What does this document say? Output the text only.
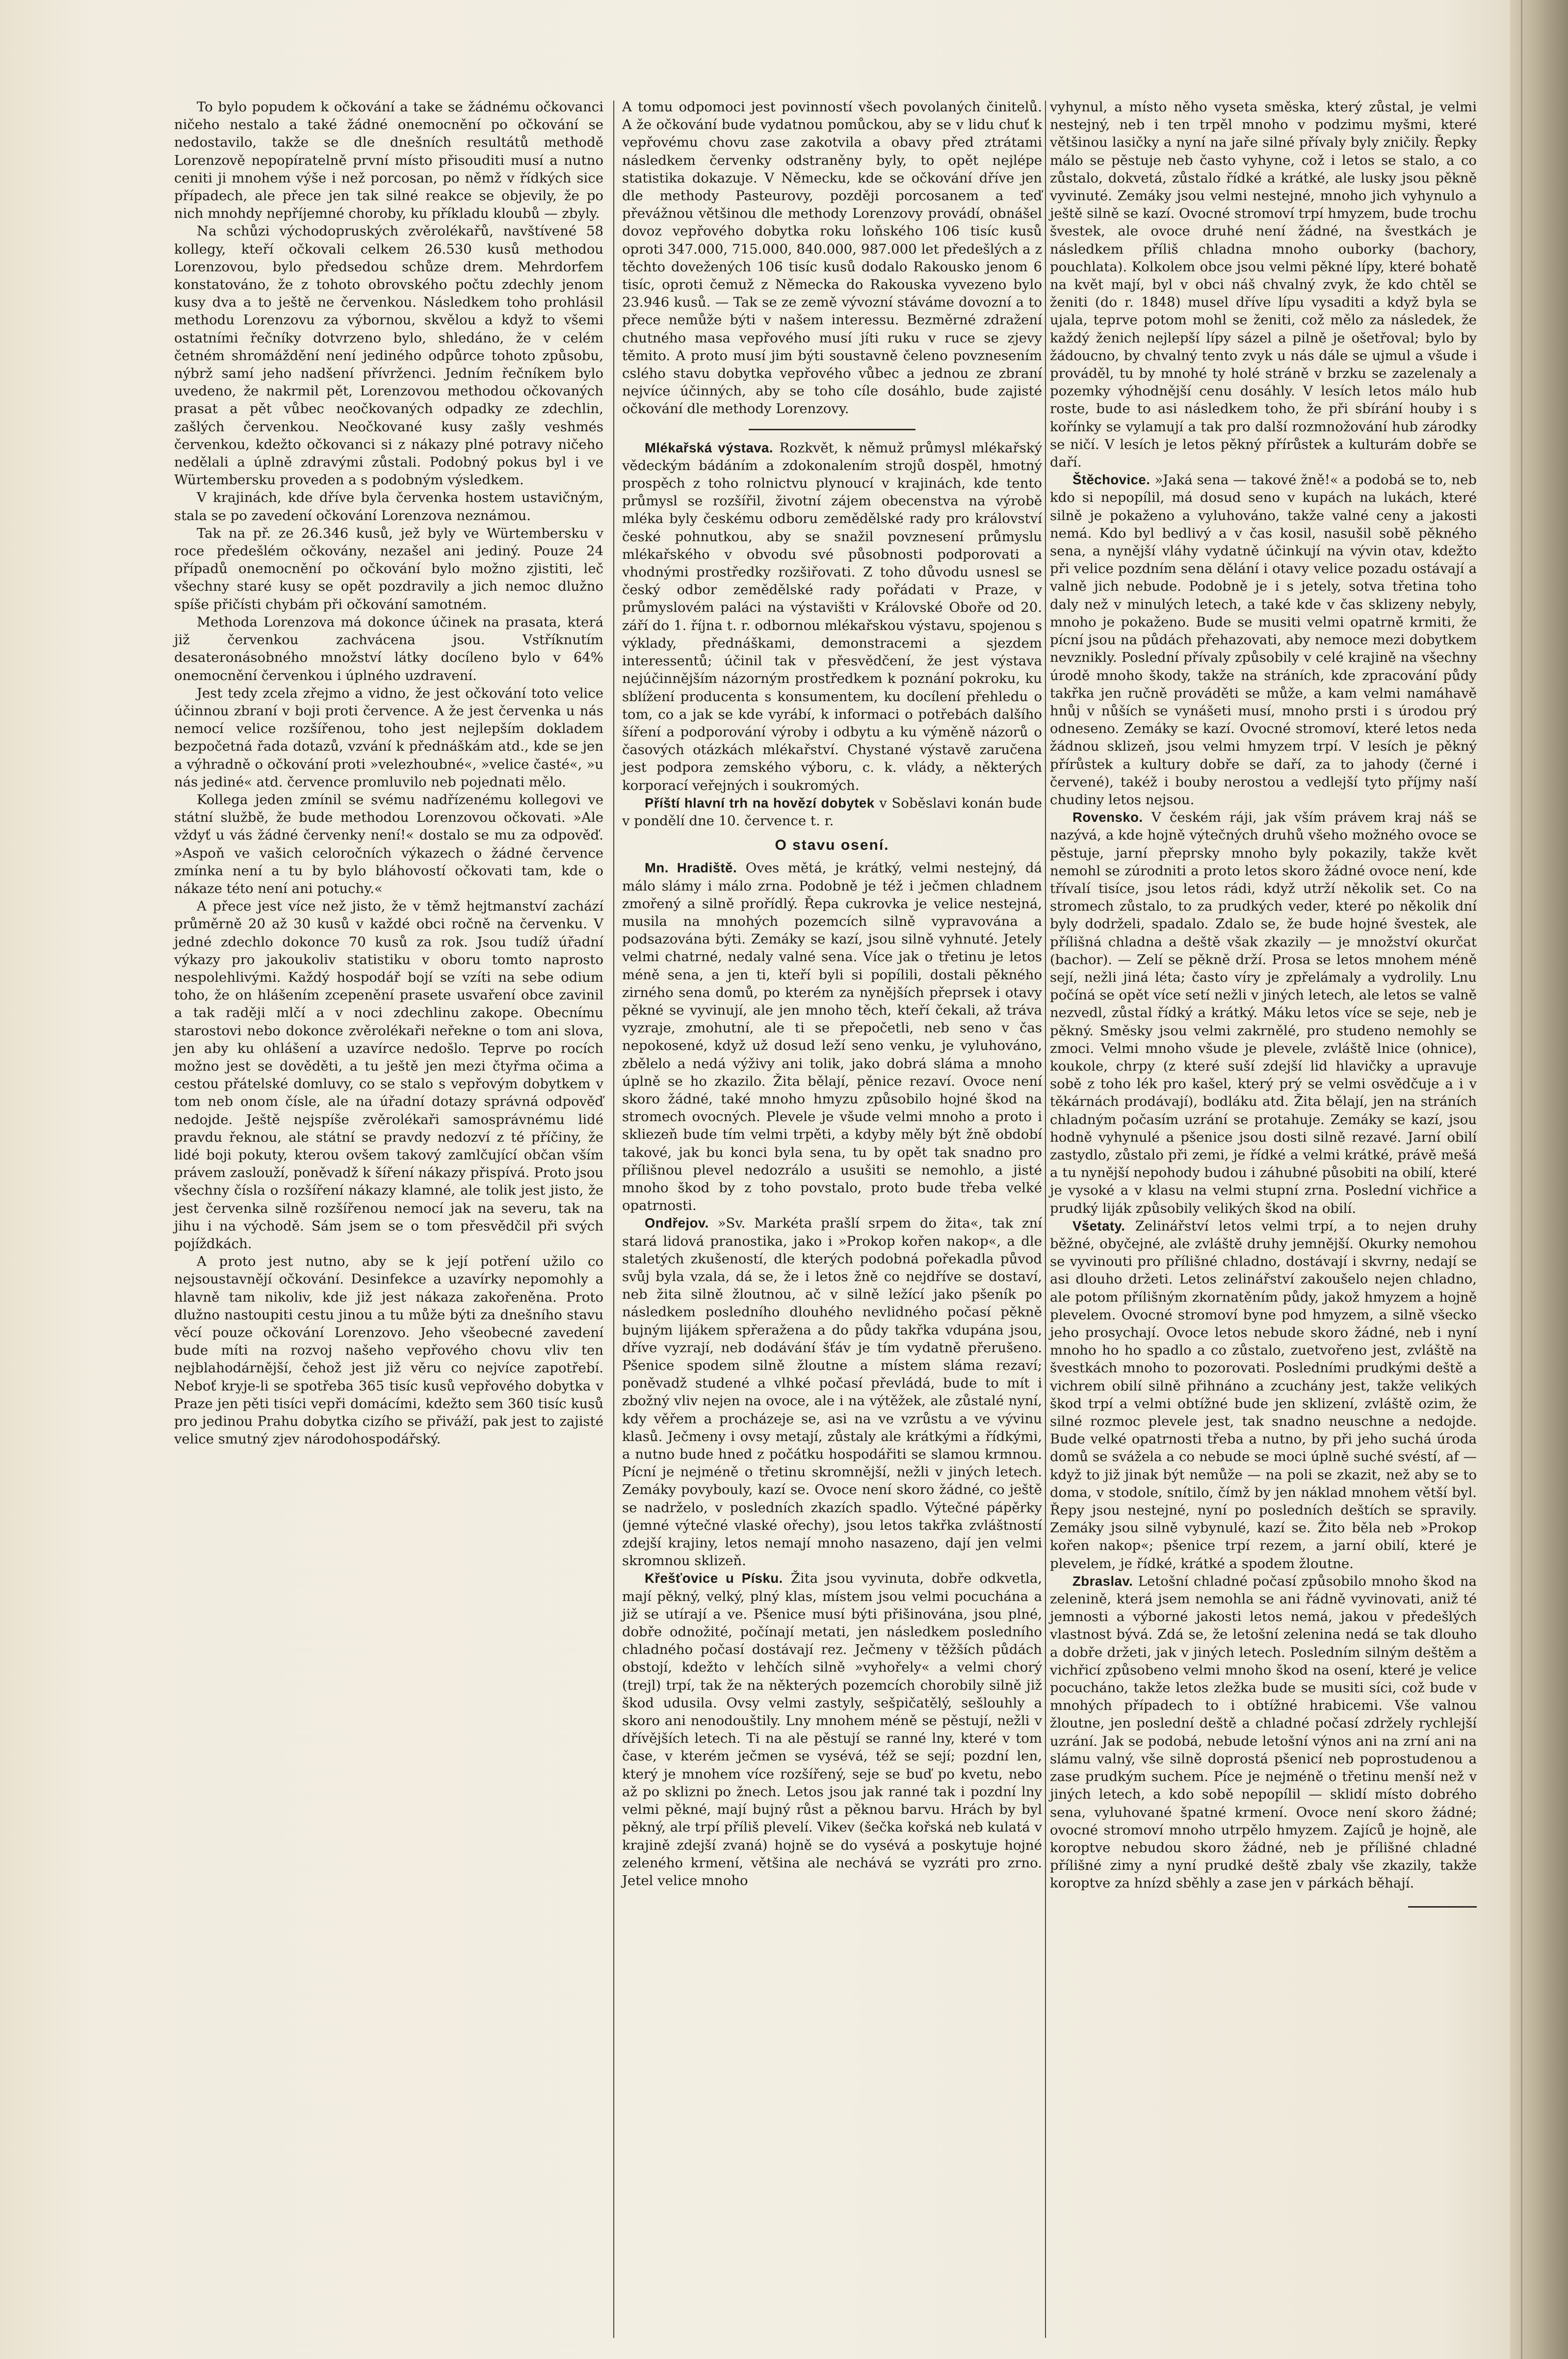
To bylo popudem k očkování a take se žádnému očkovanci ničeho nestalo a také žádné onemocnění po očkování se nedostavilo, takže se dle dnešních resultátů methodě Lorenzově nepopíratelně první místo přisouditi musí a nutno ceniti ji mnohem výše i než porcosan, po němž v řídkých sice případech, ale přece jen tak silné reakce se objevily, že po nich mnohdy nepříjemné choroby, ku příkladu kloubů — zbyly.

Na schůzi východopruských zvěrolékařů, navštívené 58 kollegy, kteří očkovali celkem 26.530 kusů methodou Lorenzovou, bylo předsedou schůze drem. Mehrdorfem konstatováno, že z tohoto obrovského počtu zdechly jenom kusy dva a to ještě ne červenkou. Následkem toho prohlásil methodu Lorenzovu za výbornou, skvělou a když to všemi ostatními řečníky dotvrzeno bylo, shledáno, že v celém četném shromáždění není jediného odpůrce tohoto způsobu, nýbrž samí jeho nadšení přívrženci. Jedním řečníkem bylo uvedeno, že nakrmil pět, Lorenzovou methodou očkovaných prasat a pět vůbec neočkovaných odpadky ze zdechlin, zašlých červenkou. Neočkované kusy zašly veshmés červenkou, kdežto očkovanci si z nákazy plné potravy ničeho nedělali a úplně zdravými zůstali. Podobný pokus byl i ve Würtembersku proveden a s podobným výsledkem.

V krajinách, kde dříve byla červenka hostem ustavičným, stala se po zavedení očkování Lorenzova neznámou.

Tak na př. ze 26.346 kusů, jež byly ve Würtembersku v roce předešlém očkovány, nezašel ani jediný. Pouze 24 případů onemocnění po očkování bylo možno zjistiti, leč všechny staré kusy se opět pozdravily a jich nemoc dlužno spíše přičísti chybám při očkování samotném.

Methoda Lorenzova má dokonce účinek na prasata, která již červenkou zachvácena jsou. Vstříknutím desateronásobného množství látky docíleno bylo v 64% onemocnění červenkou i úplného uzdravení.

Jest tedy zcela zřejmo a vidno, že jest očkování toto velice účinnou zbraní v boji proti července. A že jest červenka u nás nemocí velice rozšířenou, toho jest nejlepším dokladem bezpočetná řada dotazů, vzvání k přednáškám atd., kde se jen a výhradně o očkování proti »velezhoubné«, »velice časté«, »u nás jediné« atd. července promluvilo neb pojednati mělo.

Kollega jeden zmínil se svému nadřízenému kollegovi ve státní službě, že bude methodou Lorenzovou očkovati. »Ale vždyť u vás žádné červenky není!« dostalo se mu za odpověď. »Aspoň ve vašich celoročních výkazech o žádné července zmínka není a tu by bylo bláhovostí očkovati tam, kde o nákaze této není ani potuchy.«

A přece jest více než jisto, že v těmž hejtmanství zachází průměrně 20 až 30 kusů v každé obci ročně na červenku. V jedné zdechlo dokonce 70 kusů za rok. Jsou tudíž úřadní výkazy pro jakoukoliv statistiku v oboru tomto naprosto nespolehlivými. Každý hospodář bojí se vzíti na sebe odium toho, že on hlášením zcepenění prasete usvaření obce zavinil a tak raději mlčí a v noci zdechlinu zakope. Obecnímu starostovi nebo dokonce zvěrolékaři neřekne o tom ani slova, jen aby ku ohlášení a uzavírce nedošlo. Teprve po rocích možno jest se dověděti, a tu ještě jen mezi čtyřma očima a cestou přátelské domluvy, co se stalo s vepřovým dobytkem v tom neb onom čísle, ale na úřadní dotazy správná odpověď nedojde. Ještě nejspíše zvěrolékaři samosprávnému lidé pravdu řeknou, ale státní se pravdy nedozví z té příčiny, že lidé boji pokuty, kterou ovšem takový zamlčující občan vším právem zaslouží, poněvadž k šíření nákazy přispívá. Proto jsou všechny čísla o rozšíření nákazy klamné, ale tolik jest jisto, že jest červenka silně rozšířenou nemocí jak na severu, tak na jihu i na východě. Sám jsem se o tom přesvědčil při svých pojíždkách.

A proto jest nutno, aby se k její potření užilo co nejsoustavnějí očkování. Desinfekce a uzavírky nepomohly a hlavně tam nikoliv, kde již jest nákaza zakořeněna. Proto dlužno nastoupiti cestu jinou a tu může býti za dnešního stavu věcí pouze očkování Lorenzovo. Jeho všeobecné zavedení bude míti na rozvoj našeho vepřového chovu vliv ten nejblahodárnější, čehož jest již věru co nejvíce zapotřebí. Neboť kryje-li se spotřeba 365 tisíc kusů vepřového dobytka v Praze jen pěti tisíci vepři domácími, kdežto sem 360 tisíc kusů pro jedinou Prahu dobytka cizího se přiváží, pak jest to zajisté velice smutný zjev národohospodářský.

A tomu odpomoci jest povinností všech povolaných činitelů. A že očkování bude vydatnou pomůckou, aby se v lidu chuť k vepřovému chovu zase zakotvila a obavy před ztrátami následkem červenky odstraněny byly, to opět nejlépe statistika dokazuje. V Německu, kde se očkování dříve jen dle methody Pasteurovy, později porcosanem a teď převážnou většinou dle methody Lorenzovy provádí, obnášel dovoz vepřového dobytka roku loňského 106 tisíc kusů oproti 347.000, 715.000, 840.000, 987.000 let předešlých a z těchto dovežených 106 tisíc kusů dodalo Rakousko jenom 6 tisíc, oproti čemuž z Německa do Rakouska vyvezeno bylo 23.946 kusů. — Tak se ze země vývozní stáváme dovozní a to přece nemůže býti v našem interessu. Bezměrné zdražení chutného masa vepřového musí jíti ruku v ruce se zjevy těmito. A proto musí jim býti soustavně čeleno povznesením cslého stavu dobytka vepřového vůbec a jednou ze zbraní nejvíce účinných, aby se toho cíle dosáhlo, bude zajisté očkování dle methody Lorenzovy.

Mlékařská výstava. Rozkvět, k němuž průmysl mlékařský vědeckým bádáním a zdokonalením strojů dospěl, hmotný prospěch z toho rolnictvu plynoucí v krajinách, kde tento průmysl se rozšířil, životní zájem obecenstva na výrobě mléka byly českému odboru zemědělské rady pro království české pohnutkou, aby se snažil povznesení průmyslu mlékařského v obvodu své působnosti podporovati a vhodnými prostředky rozšiřovati. Z toho důvodu usnesl se český odbor zemědělské rady pořádati v Praze, v průmyslovém paláci na výstavišti v Královské Oboře od 20. září do 1. října t. r. odbornou mlékařskou výstavu, spojenou s výklady, přednáškami, demonstracemi a sjezdem interessentů; účinil tak v přesvědčení, že jest výstava nejúčinnějším názorným prostředkem k poznání pokroku, ku sblížení producenta s konsumentem, ku docílení přehledu o tom, co a jak se kde vyrábí, k informaci o potřebách dalšího šíření a podporování výroby i odbytu a ku výměně názorů o časových otázkách mlékařství. Chystané výstavě zaručena jest podpora zemského výboru, c. k. vlády, a některých korporací veřejných i soukromých.

Příští hlavní trh na hovězí dobytek v Soběslavi konán bude v pondělí dne 10. července t. r.

O stavu osení.

Mn. Hradiště. Oves mětá, je krátký, velmi nestejný, dá málo slámy i málo zrna. Podobně je též i ječmen chladnem zmořený a silně prořídlý. Řepa cukrovka je velice nestejná, musila na mnohých pozemcích silně vypravována a podsazována býti. Zemáky se kazí, jsou silně vyhnuté. Jetely velmi chatrné, nedaly valné sena. Více jak o třetinu je letos méně sena, a jen ti, kteří byli si popílili, dostali pěkného zirného sena domů, po kterém za nynějších přeprsek i otavy pěkné se vyvinují, ale jen mnoho těch, kteří čekali, až tráva vyzraje, zmohutní, ale ti se přepočetli, neb seno v čas nepokosené, když už dosud leží seno venku, je vyluhováno, zbělelo a nedá výživy ani tolik, jako dobrá sláma a mnoho úplně se ho zkazilo. Žita bělají, pěnice rezaví. Ovoce není skoro žádné, také mnoho hmyzu způsobilo hojné škod na stromech ovocných. Plevele je všude velmi mnoho a proto i skliezeň bude tím velmi trpěti, a kdyby měly být žně období takové, jak bu konci byla sena, tu by opět tak snadno pro přílišnou plevel nedozrálo a usušiti se nemohlo, a jisté mnoho škod by z toho povstalo, proto bude třeba velké opatrnosti.

Ondřejov. »Sv. Markéta prašlí srpem do žita«, tak zní stará lidová pranostika, jako i »Prokop kořen nakop«, a dle staletých zkušeností, dle kterých podobná pořekadla původ svůj byla vzala, dá se, že i letos žně co nejdříve se dostaví, neb žita silně žloutnou, ač v silně ležící jako pšeník po následkem posledního dlouhého nevlidného počasí pěkně bujným lijákem spřeražena a do půdy takřka vdupána jsou, dříve vyzrají, neb dodávání šťáv je tím vydatně přerušeno. Pšenice spodem silně žloutne a místem sláma rezaví; poněvadž studené a vlhké počasí převládá, bude to mít i zbožný vliv nejen na ovoce, ale i na výtěžek, ale zůstalé nyní, kdy věřem a procházeje se, asi na ve vzrůstu a ve vývinu klasů. Ječmeny i ovsy metají, zůstaly ale krátkými a řídkými, a nutno bude hned z počátku hospodářiti se slamou krmnou. Pícní je nejméně o třetinu skromnější, nežli v jiných letech. Zemáky povybouly, kazí se. Ovoce není skoro žádné, co ještě se nadrželo, v posledních zkazích spadlo. Výtečné pápěrky (jemné výtečné vlaské ořechy), jsou letos takřka zvláštností zdejší krajiny, letos nemají mnoho nasazeno, dají jen velmi skromnou sklizeň.

Křešťovice u Písku. Žita jsou vyvinuta, dobře odkvetla, mají pěkný, velký, plný klas, místem jsou velmi pocuchána a již se utírají a ve. Pšenice musí býti přišinována, jsou plné, dobře odnožité, počínají metati, jen následkem posledního chladného počasí dostávají rez. Ječmeny v těžších půdách obstojí, kdežto v lehčích silně »vyhořely« a velmi chorý (trejl) trpí, tak že na některých pozemcích chorobily silně již škod udusila. Ovsy velmi zastyly, sešpičatělý, sešlouhly a skoro ani nenodouštily. Lny mnohem méně se pěstují, nežli v dřívějších letech. Ti na ale pěstují se ranné lny, které v tom čase, v kterém ječmen se vysévá, též se sejí; pozdní len, který je mnohem více rozšířený, seje se buď po kvetu, nebo až po sklizni po žnech. Letos jsou jak ranné tak i pozdní lny velmi pěkné, mají bujný růst a pěknou barvu. Hrách by byl pěkný, ale trpí příliš plevelí. Vikev (šečka kořská neb kulatá v krajině zdejší zvaná) hojně se do vysévá a poskytuje hojné zeleného krmení, většina ale nechává se vyzráti pro zrno. Jetel velice mnoho

vyhynul, a místo něho vyseta směska, který zůstal, je velmi nestejný, neb i ten trpěl mnoho v podzimu myšmi, které většinou lasičky a nyní na jaře silné přívaly byly zničily. Řepky málo se pěstuje neb často vyhyne, což i letos se stalo, a co zůstalo, dokvetá, zůstalo řídké a krátké, ale lusky jsou pěkně vyvinuté. Zemáky jsou velmi nestejné, mnoho jich vyhynulo a ještě silně se kazí. Ovocné stromoví trpí hmyzem, bude trochu švestek, ale ovoce druhé není žádné, na švestkách je následkem příliš chladna mnoho ouborky (bachory, pouchlata). Kolkolem obce jsou velmi pěkné lípy, které bohatě na květ mají, byl v obci náš chvalný zvyk, že kdo chtěl se ženiti (do r. 1848) musel dříve lípu vysaditi a když byla se ujala, teprve potom mohl se ženiti, což mělo za následek, že každý ženich nejlepší lípy sázel a pilně je ošetřoval; bylo by žádoucno, by chvalný tento zvyk u nás dále se ujmul a všude i prováděl, tu by mnohé ty holé stráně v brzku se zazelenaly a pozemky výhodnější cenu dosáhly. V lesích letos málo hub roste, bude to asi následkem toho, že při sbírání houby i s kořínky se vylamují a tak pro další rozmnožování hub zárodky se ničí. V lesích je letos pěkný přírůstek a kulturám dobře se daří.

Štěchovice. »Jaká sena — takové žně!« a podobá se to, neb kdo si nepopílil, má dosud seno v kupách na lukách, které silně je pokaženo a vyluhováno, takže valné ceny a jakosti nemá. Kdo byl bedlivý a v čas kosil, nasušil sobě pěkného sena, a nynější vláhy vydatně účinkují na vývin otav, kdežto při velice pozdním sena dělání i otavy velice pozadu ostávají a valně jich nebude. Podobně je i s jetely, sotva třetina toho daly než v minulých letech, a také kde v čas sklizeny nebyly, mnoho je pokaženo. Bude se musiti velmi opatrně krmiti, že pícní jsou na půdách přehazovati, aby nemoce mezi dobytkem nevznikly. Poslední přívaly způsobily v celé krajině na všechny úrodě mnoho škody, takže na stráních, kde zpracování půdy takřka jen ručně prováděti se může, a kam velmi namáhavě hnůj v nůších se vynášeti musí, mnoho prsti i s úrodou prý odneseno. Zemáky se kazí. Ovocné stromoví, které letos neda žádnou sklizeň, jsou velmi hmyzem trpí. V lesích je pěkný přírůstek a kultury dobře se daří, za to jahody (černé i červené), takéž i bouby nerostou a vedlejší tyto příjmy naší chudiny letos nejsou.

Rovensko. V českém ráji, jak vším právem kraj náš se nazývá, a kde hojně výtečných druhů všeho možného ovoce se pěstuje, jarní přeprsky mnoho byly pokazily, takže květ nemohl se zúrodniti a proto letos skoro žádné ovoce není, kde třívalí tisíce, jsou letos rádi, když utrží několik set. Co na stromech zůstalo, to za prudkých veder, které po několik dní byly dodrželi, spadalo. Zdalo se, že bude hojné švestek, ale přílišná chladna a deště však zkazily — je množství okurčat (bachor). — Zelí se pěkně drží. Prosa se letos mnohem méně sejí, nežli jiná léta; často víry je zpřelámaly a vydrolily. Lnu počíná se opět více setí nežli v jiných letech, ale letos se valně nezvedl, zůstal řídký a krátký. Máku letos více se seje, neb je pěkný. Směsky jsou velmi zakrnělé, pro studeno nemohly se zmoci. Velmi mnoho všude je plevele, zvláště lnice (ohnice), koukole, chrpy (z které suší zdejší lid hlavičky a upravuje sobě z toho lék pro kašel, který prý se velmi osvědčuje a i v těkárnách prodávají), bodláku atd. Žita bělají, jen na stráních chladným počasím uzrání se protahuje. Zemáky se kazí, jsou hodně vyhynulé a pšenice jsou dosti silně rezavé. Jarní obilí zastydlo, zůstalo při zemi, je řídké a velmi krátké, právě mešá a tu nynější nepohody budou i záhubné působiti na obilí, které je vysoké a v klasu na velmi stupní zrna. Poslední vichřice a prudký liják způsobily velikých škod na obilí.

Všetaty. Zelinářství letos velmi trpí, a to nejen druhy běžné, obyčejné, ale zvláště druhy jemnější. Okurky nemohou se vyvinouti pro přílišné chladno, dostávají i skvrny, nedají se asi dlouho držeti. Letos zelinářství zakoušelo nejen chladno, ale potom přílišným zkornatěním půdy, jakož hmyzem a hojně plevelem. Ovocné stromoví byne pod hmyzem, a silně všecko jeho prosychají. Ovoce letos nebude skoro žádné, neb i nyní mnoho ho ho spadlo a co zůstalo, zuetvořeno jest, zvláště na švestkách mnoho to pozorovati. Posledními prudkými deště a vichrem obilí silně přihnáno a zcuchány jest, takže velikých škod trpí a velmi obtížné bude jen sklizení, zvláště ozim, že silné rozmoc plevele jest, tak snadno neuschne a nedojde. Bude velké opatrnosti třeba a nutno, by při jeho suchá úroda domů se svážela a co nebude se moci úplně suché svéstí, af — když to již jinak být nemůže — na poli se zkazit, než aby se to doma, v stodole, snítilo, čímž by jen náklad mnohem větší byl. Řepy jsou nestejné, nyní po posledních deštích se spravily. Zemáky jsou silně vybynulé, kazí se. Žito běla neb »Prokop kořen nakop«; pšenice trpí rezem, a jarní obilí, které je plevelem, je řídké, krátké a spodem žloutne.

Zbraslav. Letošní chladné počasí způsobilo mnoho škod na zelenině, která jsem nemohla se ani řádně vyvinovati, aniž té jemnosti a výborné jakosti letos nemá, jakou v předešlých vlastnost bývá. Zdá se, že letošní zelenina nedá se tak dlouho a dobře držeti, jak v jiných letech. Posledním silným deštěm a vichřicí způsobeno velmi mnoho škod na osení, které je velice pocucháno, takže letos zležka bude se musiti síci, což bude v mnohých případech to i obtížné hrabicemi. Vše valnou žloutne, jen poslední deště a chladné počasí zdržely rychlejší uzrání. Jak se podobá, nebude letošní výnos ani na zrní ani na slámu valný, vše silně doprostá pšenicí neb poprostudenou a zase prudkým suchem. Píce je nejméně o třetinu menší než v jiných letech, a kdo sobě nepopílil — sklidí místo dobrého sena, vyluhované špatné krmení. Ovoce není skoro žádné; ovocné stromoví mnoho utrpělo hmyzem. Zajíců je hojně, ale koroptve nebudou skoro žádné, neb je přílišné chladné přílišné zimy a nyní prudké deště zbaly vše zkazily, takže koroptve za hnízd sběhly a zase jen v párkách běhají.
